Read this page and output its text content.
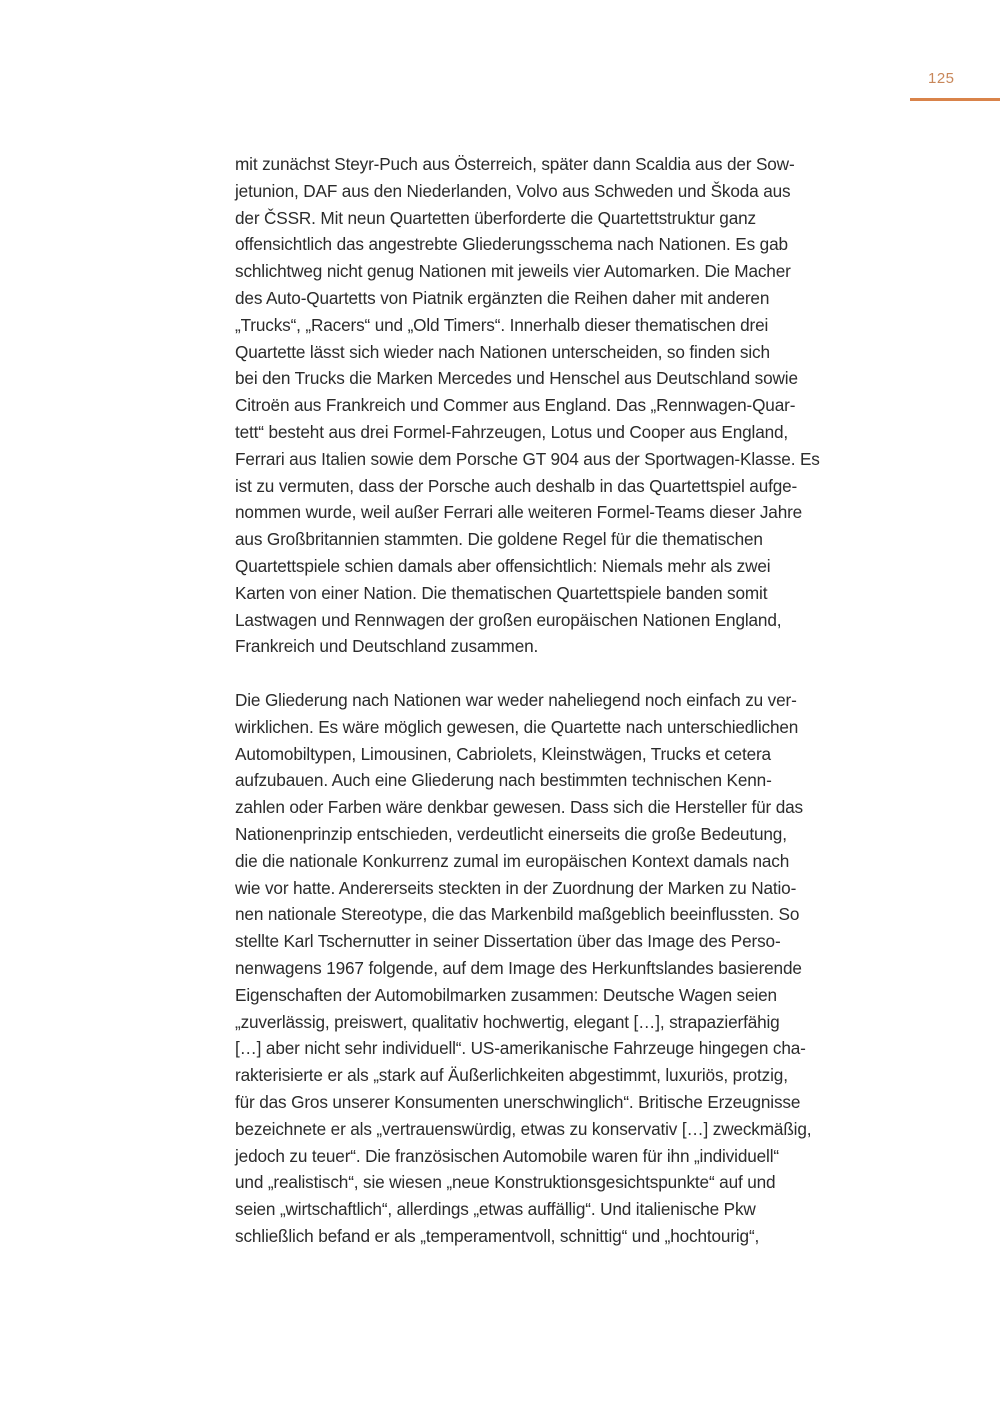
125
mit zunächst Steyr-Puch aus Österreich, später dann Scaldia aus der Sow-
jetunion, DAF aus den Niederlanden, Volvo aus Schweden und Škoda aus
der ČSSR. Mit neun Quartetten überforderte die Quartettstruktur ganz
offensichtlich das angestrebte Gliederungsschema nach Nationen. Es gab
schlichtweg nicht genug Nationen mit jeweils vier Automarken. Die Macher
des Auto-Quartetts von Piatnik ergänzten die Reihen daher mit anderen
„Trucks“, „Racers“ und „Old Timers“. Innerhalb dieser thematischen drei
Quartette lässt sich wieder nach Nationen unterscheiden, so finden sich
bei den Trucks die Marken Mercedes und Henschel aus Deutschland sowie
Citroën aus Frankreich und Commer aus England. Das „Rennwagen-Quar-
tett“ besteht aus drei Formel-Fahrzeugen, Lotus und Cooper aus England,
Ferrari aus Italien sowie dem Porsche GT 904 aus der Sportwagen-Klasse. Es
ist zu vermuten, dass der Porsche auch deshalb in das Quartettspiel aufge-
nommen wurde, weil außer Ferrari alle weiteren Formel-Teams dieser Jahre
aus Großbritannien stammten. Die goldene Regel für die thematischen
Quartettspiele schien damals aber offensichtlich: Niemals mehr als zwei
Karten von einer Nation. Die thematischen Quartettspiele banden somit
Lastwagen und Rennwagen der großen europäischen Nationen England,
Frankreich und Deutschland zusammen.
Die Gliederung nach Nationen war weder naheliegend noch einfach zu ver-
wirklichen. Es wäre möglich gewesen, die Quartette nach unterschiedlichen
Automobiltypen, Limousinen, Cabriolets, Kleinstwägen, Trucks et cetera
aufzubauen. Auch eine Gliederung nach bestimmten technischen Kenn-
zahlen oder Farben wäre denkbar gewesen. Dass sich die Hersteller für das
Nationenprinzip entschieden, verdeutlicht einerseits die große Bedeutung,
die die nationale Konkurrenz zumal im europäischen Kontext damals nach
wie vor hatte. Andererseits steckten in der Zuordnung der Marken zu Natio-
nen nationale Stereotype, die das Markenbild maßgeblich beeinflussten. So
stellte Karl Tschernutter in seiner Dissertation über das Image des Perso-
nenwagens 1967 folgende, auf dem Image des Herkunftslandes basierende
Eigenschaften der Automobilmarken zusammen: Deutsche Wagen seien
„zuverlässig, preiswert, qualitativ hochwertig, elegant […], strapazierfähig
[…] aber nicht sehr individuell“. US-amerikanische Fahrzeuge hingegen cha-
rakterisierte er als „stark auf Äußerlichkeiten abgestimmt, luxuriös, protzig,
für das Gros unserer Konsumenten unerschwinglich“. Britische Erzeugnisse
bezeichnete er als „vertrauenswürdig, etwas zu konservativ […] zweckmäßig,
jedoch zu teuer“. Die französischen Automobile waren für ihn „individuell“
und „realistisch“, sie wiesen „neue Konstruktionsgesichtspunkte“ auf und
seien „wirtschaftlich“, allerdings „etwas auffällig“. Und italienische Pkw
schließlich befand er als „temperamentvoll, schnittig“ und „hochtourig“,
